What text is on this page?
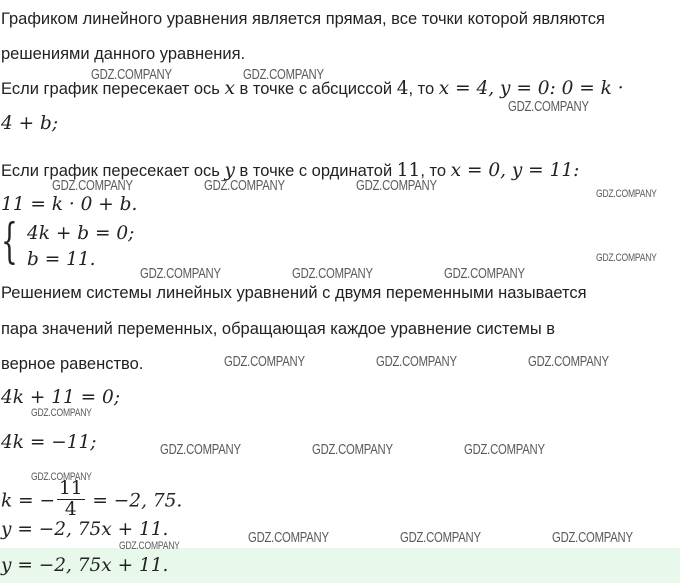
Графиком линейного уравнения является прямая, все точки которой являются
решениями данного уравнения.
Если график пересекает ось x в точке с абсциссой 4, то x = 4, y = 0: 0 = k ·
4 + b;
Если график пересекает ось y в точке с ординатой 11, то x = 0, y = 11:
11 = k · 0 + b.
{ 4k + b = 0;
b = 11.
Решением системы линейных уравнений с двумя переменными называется
пара значений переменных, обращающая каждое уравнение системы в
верное равенство.
4k + 11 = 0;
4k = −11;
k = − $\frac{11}{4} = -2$, 75.
y = −2, 75x + 11.
y = −2, 75x + 11.
GDZ.COMPANY	GDZ.COMPANY
GDZ.COMPANY
GDZ.COMPANY	GDZ.COMPANY	GDZ.COMPANY	GDZ.COMPANY
GDZ.COMPANY
GDZ.COMPANY	GDZ.COMPANY	GDZ.COMPANY
GDZ.COMPANY	GDZ.COMPANY	GDZ.COMPANY
GDZ.COMPANY
GDZ.COMPANY	GDZ.COMPANY	GDZ.COMPANY
GDZ.COMPANY
GDZ.COMPANY	GDZ.COMPANY	GDZ.COMPANY
GDZ.COMPANY
